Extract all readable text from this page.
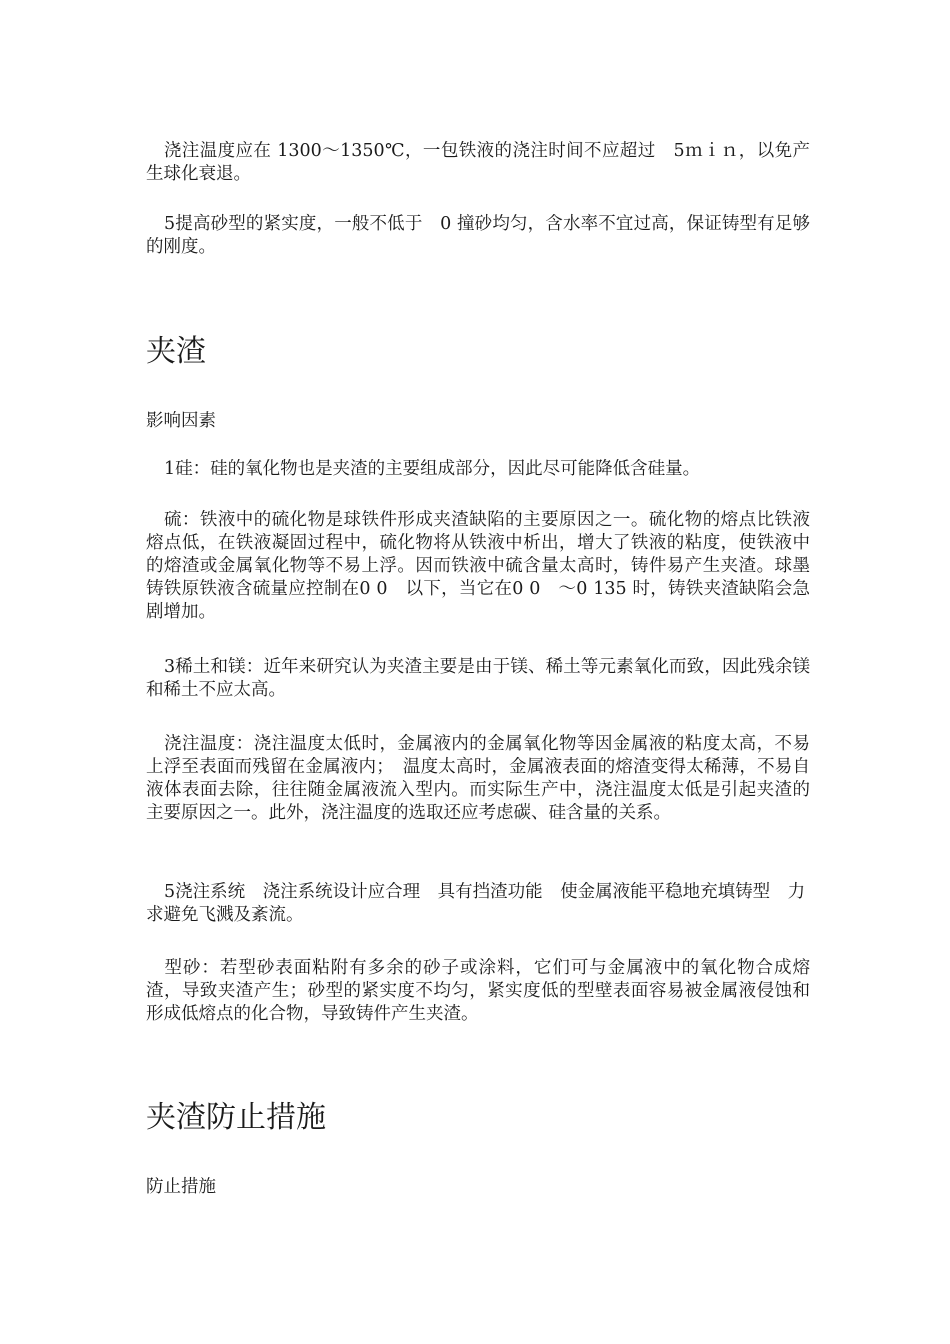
　浇注温度应在 1300～1350℃，一包铁液的浇注时间不应超过　5ｍｉｎ，以免产生球化衰退。

5提高砂型的紧实度，一般不低于　0 撞砂均匀，含水率不宜过高，保证铸型有足够的刚度。

夹渣

影响因素

1硅：硅的氧化物也是夹渣的主要组成部分，因此尽可能降低含硅量。

　硫：铁液中的硫化物是球铁件形成夹渣缺陷的主要原因之一。硫化物的熔点比铁液熔点低，在铁液凝固过程中，硫化物将从铁液中析出，增大了铁液的粘度，使铁液中的熔渣或金属氧化物等不易上浮。因而铁液中硫含量太高时，铸件易产生夹渣。球墨铸铁原铁液含硫量应控制在0 0　以下，当它在0 0　～0 135 时，铸铁夹渣缺陷会急剧增加。

3稀土和镁：近年来研究认为夹渣主要是由于镁、稀土等元素氧化而致，因此残余镁和稀土不应太高。

　浇注温度：浇注温度太低时，金属液内的金属氧化物等因金属液的粘度太高，不易上浮至表面而残留在金属液内；　温度太高时，金属液表面的熔渣变得太稀薄，不易自液体表面去除，往往随金属液流入型内。而实际生产中，浇注温度太低是引起夹渣的主要原因之一。此外，浇注温度的选取还应考虑碳、硅含量的关系。

5浇注系统　浇注系统设计应合理　具有挡渣功能　使金属液能平稳地充填铸型　力求避免飞溅及紊流。

　型砂：若型砂表面粘附有多余的砂子或涂料，它们可与金属液中的氧化物合成熔渣，导致夹渣产生；砂型的紧实度不均匀，紧实度低的型壁表面容易被金属液侵蚀和形成低熔点的化合物，导致铸件产生夹渣。

夹渣防止措施

防止措施
